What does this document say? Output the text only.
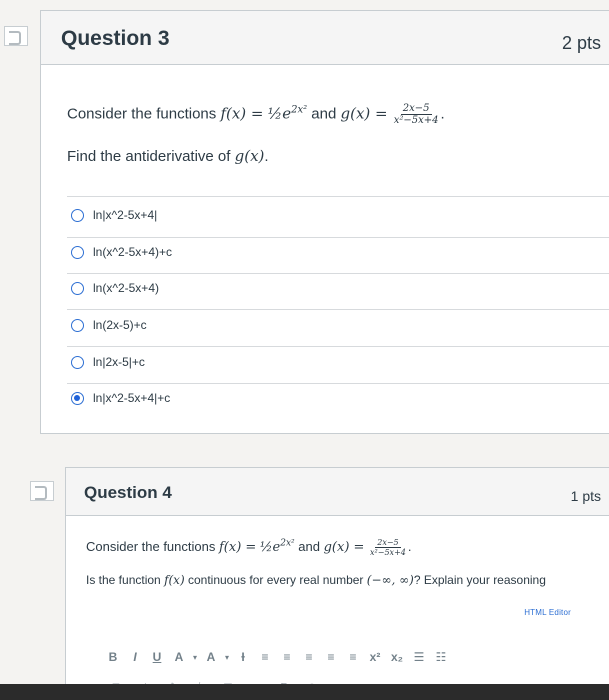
Question 3	2 pts
Consider the functions $f(x) = \frac{1}{2}e^{2x^2}$ and $g(x) = \frac{2x-5}{\text{x²−5x+4}}$ .
Find the antiderivative of g(x).
ln|x^2-5x+4|
ln(x^2-5x+4)+c
ln(x^2-5x+4)
ln(2x-5)+c
ln|2x-5|+c
ln|x^2-5x+4|+c
Question 4	1 pts
Consider the functions $f(x) = \frac{1}{2}e^{2x^2}$ and $g(x) = \frac{2x-5}{\text{x²−5x+4}}$ .
Is the function f(x) continuous for every real number (−∞, ∞)? Explain your reasoning
HTML Editor
B	I	U	A	▾ A	▾	Ɨ	≡	≡	≡	≡	≡	x² x₂ ☰ ☷
